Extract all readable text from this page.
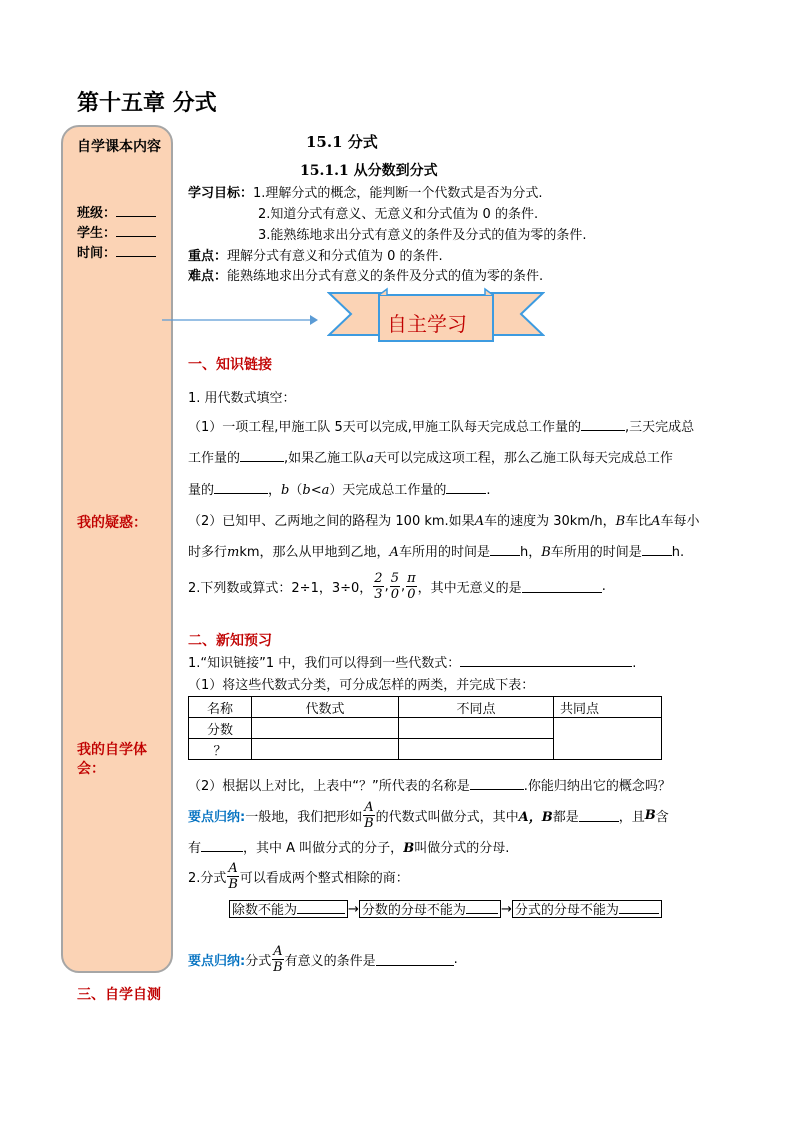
第十五章 分式
自学课本内容
班级：
学生：
时间：
我的疑惑：
我的自学体会：
15.1 分式
15.1.1 从分数到分式
学习目标：1.理解分式的概念，能判断一个代数式是否为分式.
2.知道分式有意义、无意义和分式值为 0 的条件.
3.能熟练地求出分式有意义的条件及分式的值为零的条件.
重点：理解分式有意义和分式值为 0 的条件.
难点：能熟练地求出分式有意义的条件及分式的值为零的条件.
自主学习
一、知识链接
1. 用代数式填空：
（1）一项工程,甲施工队 5天可以完成,甲施工队每天完成总工作量的	,三天完成总
工作量的	,如果乙施工队a天可以完成这项工程，那么乙施工队每天完成总工作
量的	，b（b<a）天完成总工作量的	.
（2）已知甲、乙两地之间的路程为 100 km.如果A车的速度为 30km/h，B车比A车每小
时多行mkm，那么从甲地到乙地，A车所用的时间是 h，B车所用的时间是 h.
2.下列数或算式：2÷1，3÷0， $\frac{2}{3}$ , $\frac{5}{0}$ , $\frac{\pi}{0}$ ，其中无意义的是	.
二、新知预习
1.“知识链接”1 中，我们可以得到一些代数式：	.
（1）将这些代数式分类，可分成怎样的两类，并完成下表：
名称	代数式	不同点	共同点
分数			
？			
（2）根据以上对比，上表中“？”所代表的名称是	.你能归纳出它的概念吗？
要点归纳: 一般地，我们把形如 $\frac{A}{B}$ 的代数式叫做分式，其中 A，B 都是	，且 B 含
有	，其中 A 叫做分式的分子，B叫做分式的分母.
2.分式 $\frac{A}{B}$ 可以看成两个整式相除的商：
除数不能为	→ 分数的分母不能为	→ 分式的分母不能为
要点归纳: 分式 $\frac{A}{B}$ 有意义的条件是	.
三、自学自测
